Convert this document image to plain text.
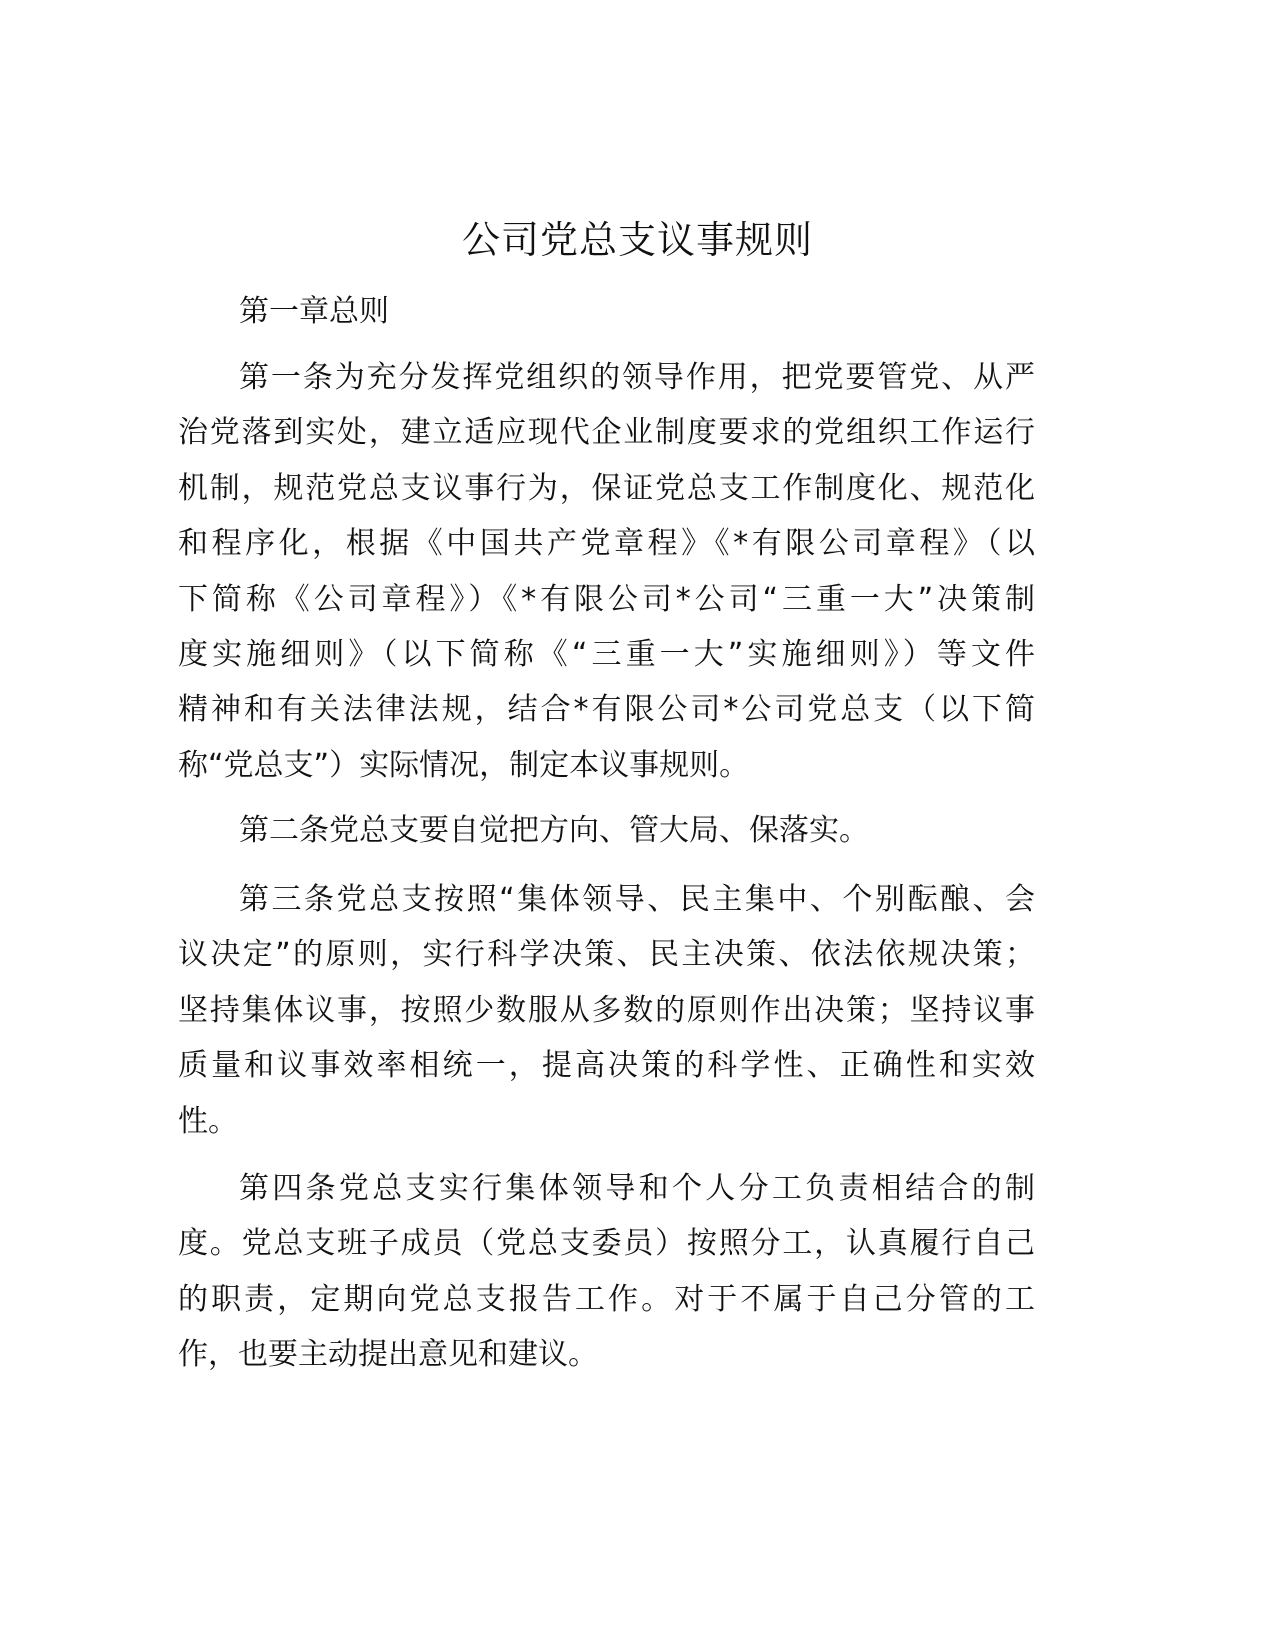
公司党总支议事规则
第一章总则
第一条为充分发挥党组织的领导作用，把党要管党、从严
治党落到实处，建立适应现代企业制度要求的党组织工作运行
机制，规范党总支议事行为，保证党总支工作制度化、规范化
和程序化，根据《中国共产党章程》《*有限公司章程》（以
下简称《公司章程》）《*有限公司*公司“三重一大”决策制
度实施细则》（以下简称《“三重一大”实施细则》）等文件
精神和有关法律法规，结合*有限公司*公司党总支（以下简
称“党总支”）实际情况，制定本议事规则。
第二条党总支要自觉把方向、管大局、保落实。
第三条党总支按照“集体领导、民主集中、个别酝酿、会
议决定”的原则，实行科学决策、民主决策、依法依规决策；
坚持集体议事，按照少数服从多数的原则作出决策；坚持议事
质量和议事效率相统一，提高决策的科学性、正确性和实效
性。
第四条党总支实行集体领导和个人分工负责相结合的制
度。党总支班子成员（党总支委员）按照分工，认真履行自己
的职责，定期向党总支报告工作。对于不属于自己分管的工
作，也要主动提出意见和建议。
